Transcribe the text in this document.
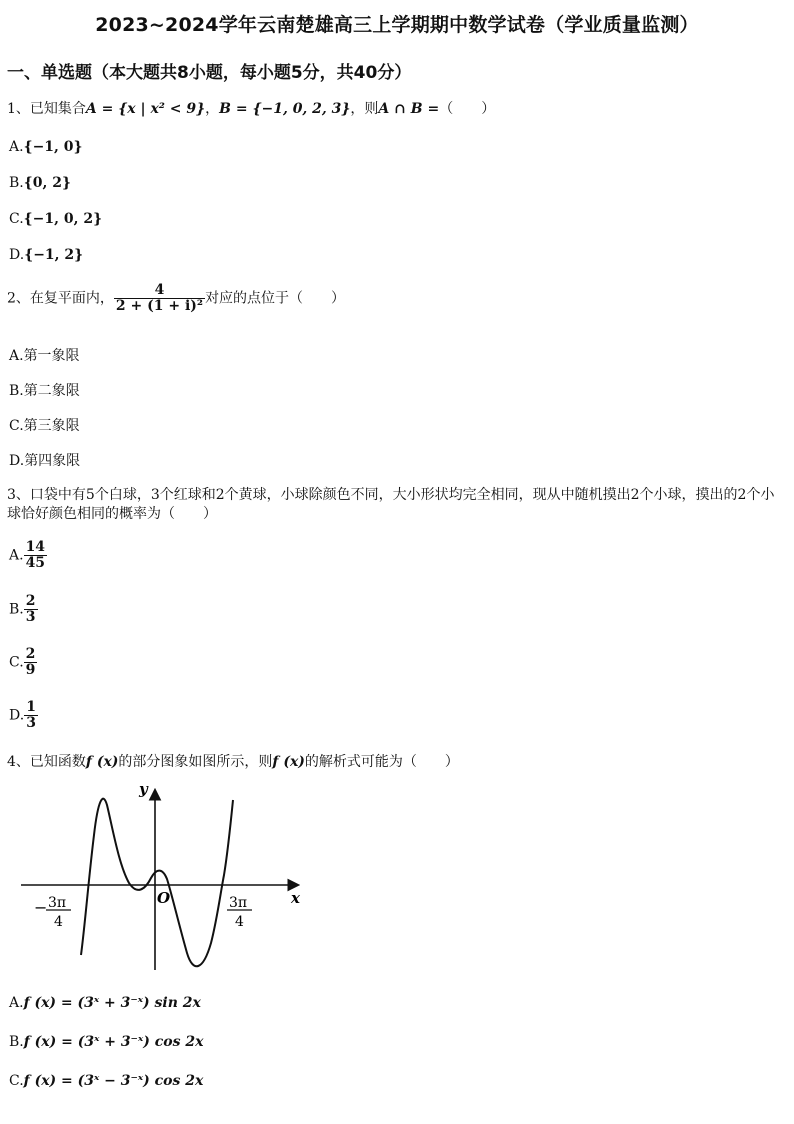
2023~2024学年云南楚雄高三上学期期中数学试卷（学业质量监测）
一、单选题（本大题共8小题，每小题5分，共40分）
1、已知集合A = {x | x² < 9}，B = {−1, 0, 2, 3}，则A ∩ B =（　　）
A.{−1, 0}
B.{0, 2}
C.{−1, 0, 2}
D.{−1, 2}
2、在复平面内， $\frac{4}{\text{2 + (1 + i)²}}$ 对应的点位于（　　）
A.第一象限
B.第二象限
C.第三象限
D.第四象限
3、口袋中有5个白球，3个红球和2个黄球，小球除颜色不同，大小形状均完全相同，现从中随机摸出2个小球，摸出的2个小球恰好颜色相同的概率为（　　）
A. $\frac{14}{45}$
B. $\frac{2}{3}$
C. $\frac{2}{9}$
D. $\frac{1}{3}$
4、已知函数f (x)的部分图象如图所示，则f (x)的解析式可能为（　　）
y
x
O
− 3π
4
3π
4
A.f (x) = (3ˣ + 3⁻ˣ) sin 2x
B.f (x) = (3ˣ + 3⁻ˣ) cos 2x
C.f (x) = (3ˣ − 3⁻ˣ) cos 2x
